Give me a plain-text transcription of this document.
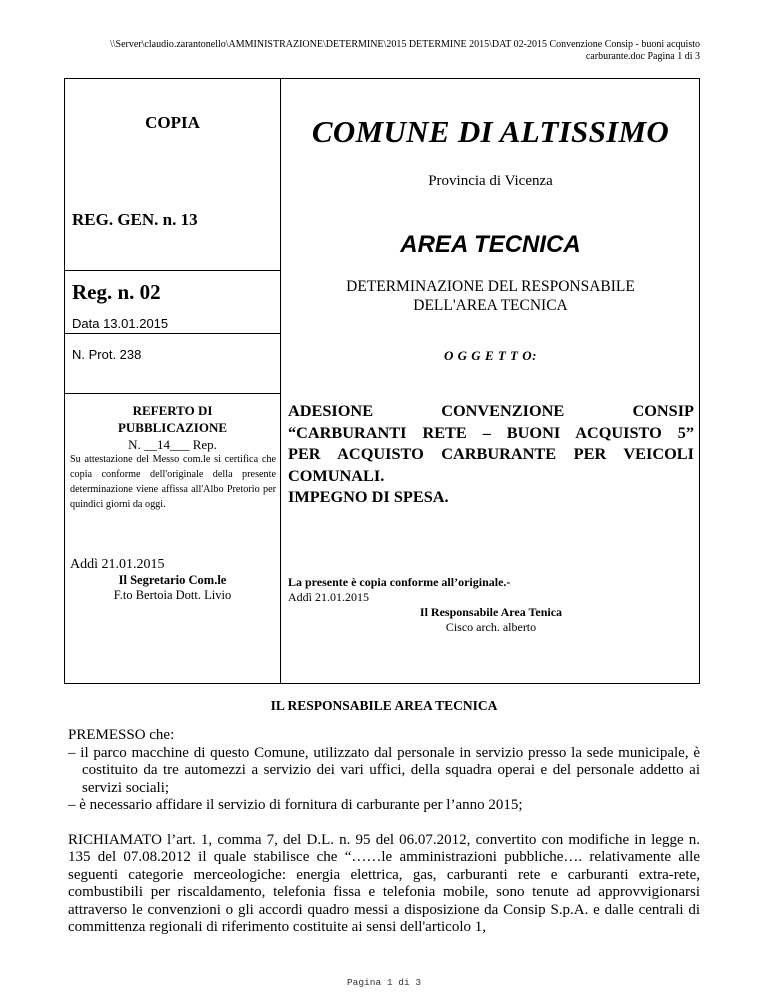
\\Server\claudio.zarantonello\AMMINISTRAZIONE\DETERMINE\2015 DETERMINE 2015\DAT 02-2015 Convenzione Consip - buoni acquisto
carburante.doc Pagina 1 di 3
COPIA
REG. GEN. n. 13
Reg. n. 02
Data 13.01.2015
N. Prot. 238
REFERTO DI
PUBBLICAZIONE
N. __14___ Rep.
Su attestazione del Messo com.le si certifica che copia conforme dell'originale della presente determinazione viene affissa all'Albo Pretorio per quindici giorni da oggi.
Addì 21.01.2015
Il Segretario Com.le
F.to Bertoia Dott. Livio
COMUNE DI ALTISSIMO
Provincia di Vicenza
AREA TECNICA
DETERMINAZIONE DEL RESPONSABILE
DELL'AREA TECNICA
O G G E T T O:
ADESIONE CONVENZIONE CONSIP
“CARBURANTI RETE – BUONI ACQUISTO 5”
PER ACQUISTO CARBURANTE PER VEICOLI
COMUNALI.
IMPEGNO DI SPESA.
La presente è copia conforme all’originale.-
Addì 21.01.2015
Il Responsabile Area Tenica
Cisco arch. alberto
IL RESPONSABILE AREA TECNICA

PREMESSO che:

– il parco macchine di questo Comune, utilizzato dal personale in servizio presso la sede municipale, è costituito da tre automezzi a servizio dei vari uffici, della squadra operai e del personale addetto ai servizi sociali;

– è necessario affidare il servizio di fornitura di carburante per l’anno 2015;

RICHIAMATO l’art. 1, comma 7, del D.L. n. 95 del 06.07.2012, convertito con modifiche in legge n. 135 del 07.08.2012 il quale stabilisce che “……le amministrazioni pubbliche…. relativamente alle seguenti categorie merceologiche: energia elettrica, gas, carburanti rete e carburanti extra-rete, combustibili per riscaldamento, telefonia fissa e telefonia mobile, sono tenute ad approvvigionarsi attraverso le convenzioni o gli accordi quadro messi a disposizione da Consip S.p.A. e dalle centrali di committenza regionali di riferimento costituite ai sensi dell'articolo 1,

Pagina 1 di 3
